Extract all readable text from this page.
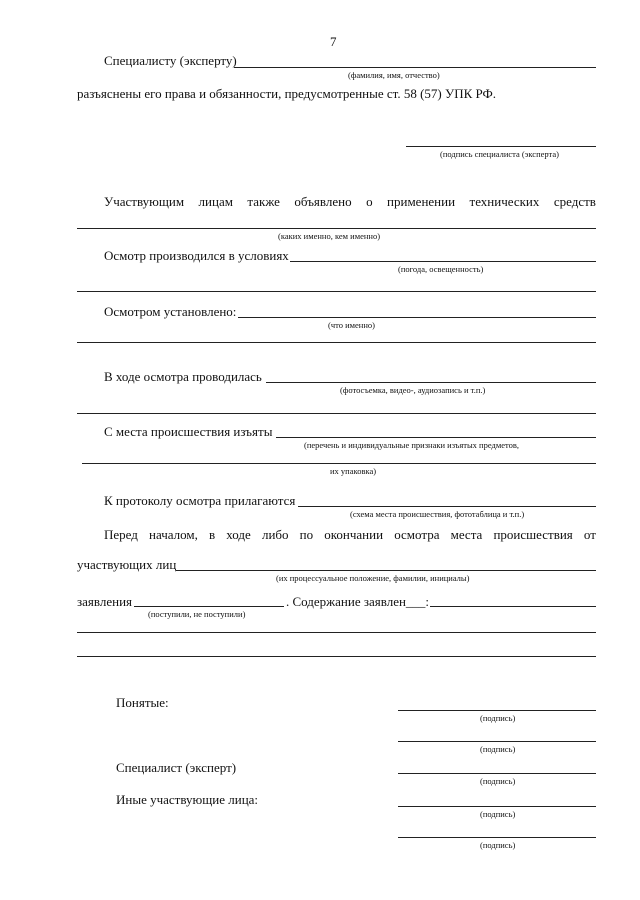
7
Специалисту (эксперту)
(фамилия, имя, отчество)
разъяснены его права и обязанности, предусмотренные ст. 58 (57) УПК РФ.
(подпись специалиста (эксперта)
Участвующим лицам также объявлено о применении технических средств
(каких именно, кем именно)
Осмотр производился в условиях
(погода, освещенность)
Осмотром установлено:
(что именно)
В ходе осмотра проводилась
(фотосъемка, видео-, аудиозапись и т.п.)
С места происшествия изъяты
(перечень и индивидуальные признаки изъятых предметов,
их упаковка)
К протоколу осмотра прилагаются
(схема места происшествия, фототаблица и т.п.)
Перед началом, в ходе либо по окончании осмотра места происшествия от
участвующих лиц
(их процессуальное положение, фамилии, инициалы)
заявления
(поступили, не поступили)
. Содержание заявлен___:
Понятые:
(подпись)
(подпись)
Специалист (эксперт)
(подпись)
Иные участвующие лица:
(подпись)
(подпись)
